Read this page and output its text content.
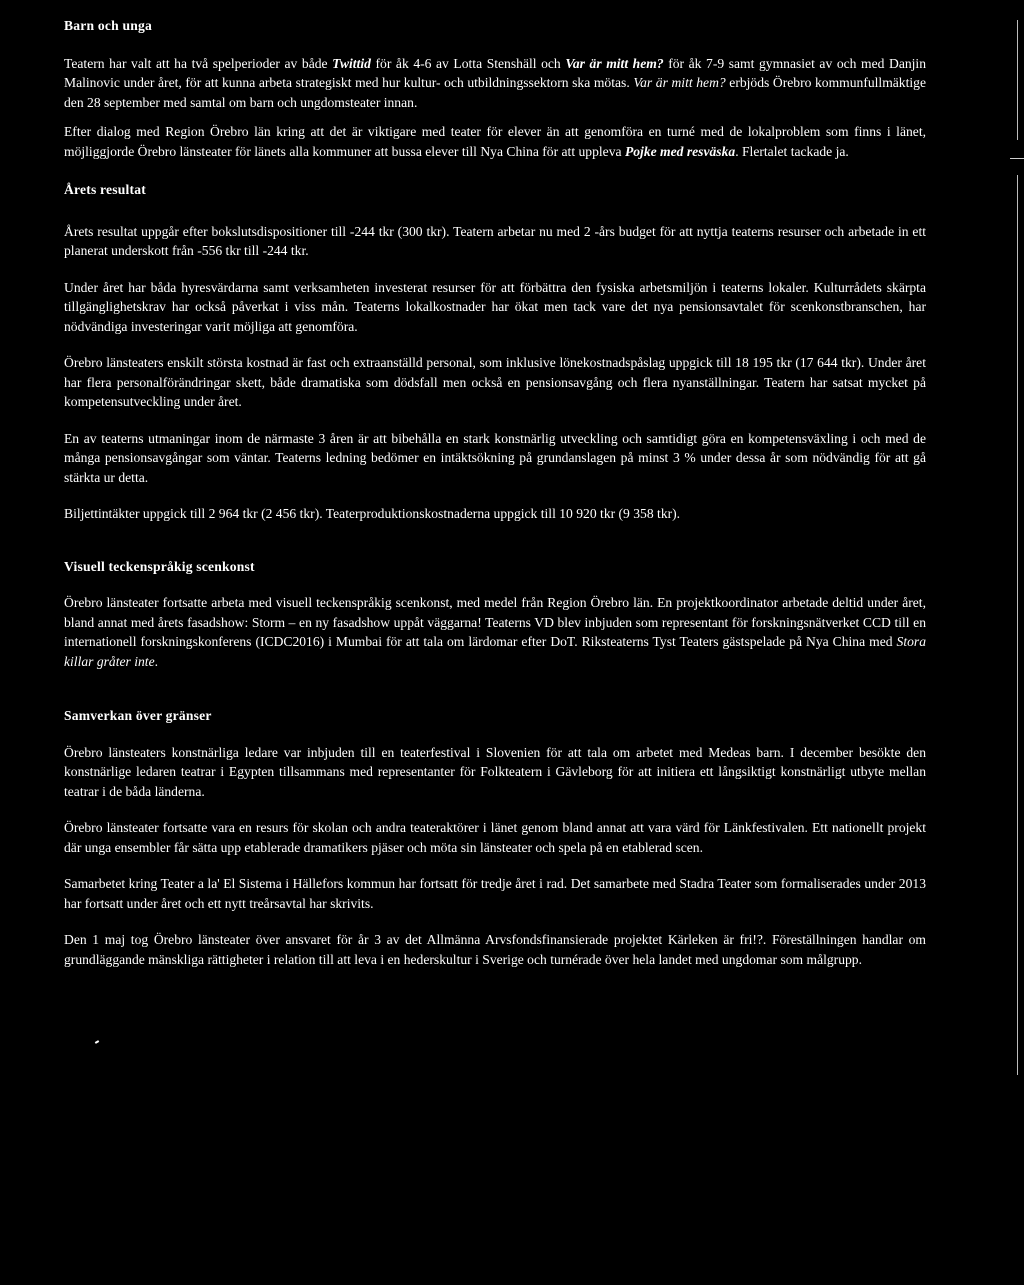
Barn och unga

Teatern har valt att ha två spelperioder av både Twittid för åk 4-6 av Lotta Stenshäll och Var är mitt hem? för åk 7-9 samt gymnasiet av och med Danjin Malinovic under året, för att kunna arbeta strategiskt med hur kultur- och utbildningssektorn ska mötas. Var är mitt hem? erbjöds Örebro kommunfullmäktige den 28 september med samtal om barn och ungdomsteater innan.

Efter dialog med Region Örebro län kring att det är viktigare med teater för elever än att genomföra en turné med de lokalproblem som finns i länet, möjliggjorde Örebro länsteater för länets alla kommuner att bussa elever till Nya China för att uppleva Pojke med resväska. Flertalet tackade ja.

Årets resultat

Årets resultat uppgår efter bokslutsdispositioner till -244 tkr (300 tkr). Teatern arbetar nu med 2 -års budget för att nyttja teaterns resurser och arbetade in ett planerat underskott från -556 tkr till -244 tkr.

Under året har båda hyresvärdarna samt verksamheten investerat resurser för att förbättra den fysiska arbetsmiljön i teaterns lokaler. Kulturrådets skärpta tillgänglighetskrav har också påverkat i viss mån. Teaterns lokalkostnader har ökat men tack vare det nya pensionsavtalet för scenkonstbranschen, har nödvändiga investeringar varit möjliga att genomföra.

Örebro länsteaters enskilt största kostnad är fast och extraanställd personal, som inklusive lönekostnadspåslag uppgick till 18 195 tkr (17 644 tkr). Under året har flera personalförändringar skett, både dramatiska som dödsfall men också en pensionsavgång och flera nyanställningar. Teatern har satsat mycket på kompetensutveckling under året.

En av teaterns utmaningar inom de närmaste 3 åren är att bibehålla en stark konstnärlig utveckling och samtidigt göra en kompetensväxling i och med de många pensionsavgångar som väntar. Teaterns ledning bedömer en intäktsökning på grundanslagen på minst 3 % under dessa år som nödvändig för att gå stärkta ur detta.

Biljettintäkter uppgick till 2 964 tkr (2 456 tkr). Teaterproduktionskostnaderna uppgick till 10 920 tkr (9 358 tkr).

Visuell teckenspråkig scenkonst

Örebro länsteater fortsatte arbeta med visuell teckenspråkig scenkonst, med medel från Region Örebro län. En projektkoordinator arbetade deltid under året, bland annat med årets fasadshow: Storm – en ny fasadshow uppåt väggarna! Teaterns VD blev inbjuden som representant för forskningsnätverket CCD till en internationell forskningskonferens (ICDC2016) i Mumbai för att tala om lärdomar efter DoT. Riksteaterns Tyst Teaters gästspelade på Nya China med Stora killar gråter inte.

Samverkan över gränser

Örebro länsteaters konstnärliga ledare var inbjuden till en teaterfestival i Slovenien för att tala om arbetet med Medeas barn. I december besökte den konstnärlige ledaren teatrar i Egypten tillsammans med representanter för Folkteatern i Gävleborg för att initiera ett långsiktigt konstnärligt utbyte mellan teatrar i de båda länderna.

Örebro länsteater fortsatte vara en resurs för skolan och andra teateraktörer i länet genom bland annat att vara värd för Länkfestivalen. Ett nationellt projekt där unga ensembler får sätta upp etablerade dramatikers pjäser och möta sin länsteater och spela på en etablerad scen.

Samarbetet kring Teater a la' El Sistema i Hällefors kommun har fortsatt för tredje året i rad. Det samarbete med Stadra Teater som formaliserades under 2013 har fortsatt under året och ett nytt treårsavtal har skrivits.

Den 1 maj tog Örebro länsteater över ansvaret för år 3 av det Allmänna Arvsfondsfinansierade projektet Kärleken är fri!?. Föreställningen handlar om grundläggande mänskliga rättigheter i relation till att leva i en hederskultur i Sverige och turnérade över hela landet med ungdomar som målgrupp.
